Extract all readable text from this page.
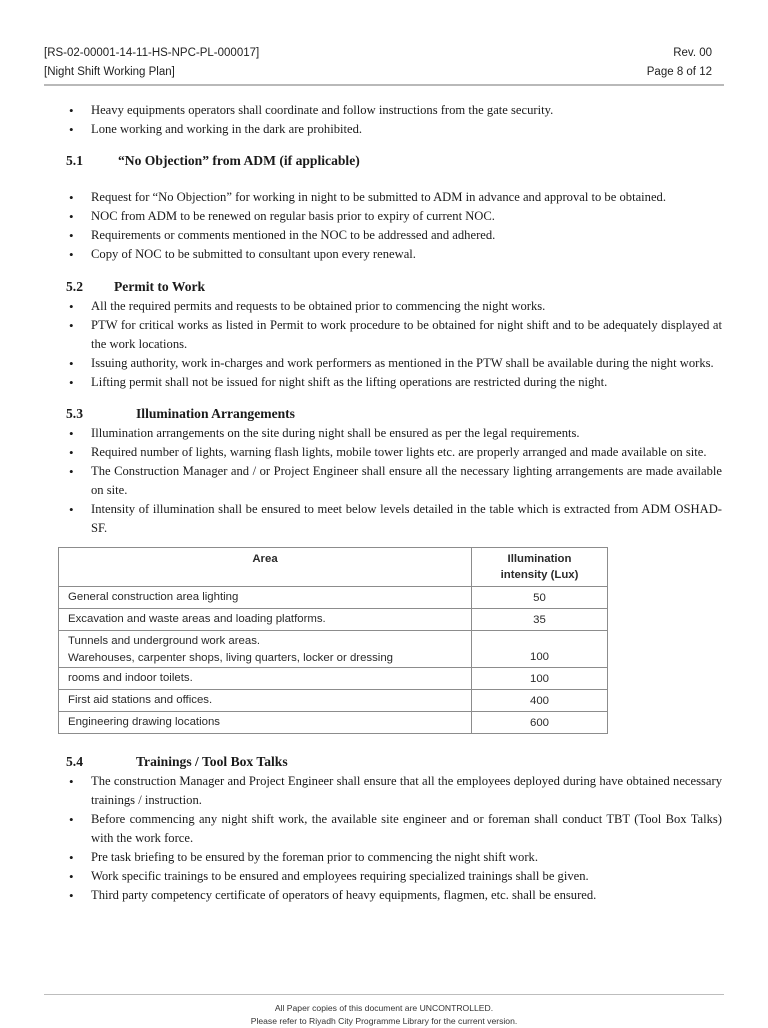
[RS-02-00001-14-11-HS-NPC-PL-000017]
[Night Shift Working Plan]
Rev. 00
Page 8 of 12
• Heavy equipments operators shall coordinate and follow instructions from the gate security.
• Lone working and working in the dark are prohibited.
5.1	“No Objection” from ADM (if applicable)
• Request for “No Objection” for working in night to be submitted to ADM in advance and approval to be obtained.
• NOC from ADM to be renewed on regular basis prior to expiry of current NOC.
• Requirements or comments mentioned in the NOC to be addressed and adhered.
• Copy of NOC to be submitted to consultant upon every renewal.
5.2	Permit to Work
• All the required permits and requests to be obtained prior to commencing the night works.
• PTW for critical works as listed in Permit to work procedure to be obtained for night shift and to be adequately displayed at the work locations.
• Issuing authority, work in-charges and work performers as mentioned in the PTW shall be available during the night works.
• Lifting permit shall not be issued for night shift as the lifting operations are restricted during the night.
5.3	Illumination Arrangements
• Illumination arrangements on the site during night shall be ensured as per the legal requirements.
• Required number of lights, warning flash lights, mobile tower lights etc. are properly arranged and made available on site.
• The Construction Manager and / or Project Engineer shall ensure all the necessary lighting arrangements are made available on site.
• Intensity of illumination shall be ensured to meet below levels detailed in the table which is extracted from ADM OSHAD-SF.
Area	Illumination
intensity (Lux)
General construction area lighting	50
Excavation and waste areas and loading platforms.	35
Tunnels and underground work areas.
Warehouses, carpenter shops, living quarters, locker or dressing	100
rooms and indoor toilets.	100
First aid stations and offices.	400
Engineering drawing locations	600
5.4	Trainings / Tool Box Talks
• The construction Manager and Project Engineer shall ensure that all the employees deployed during have obtained necessary trainings / instruction.
• Before commencing any night shift work, the available site engineer and or foreman shall conduct TBT (Tool Box Talks) with the work force.
• Pre task briefing to be ensured by the foreman prior to commencing the night shift work.
• Work specific trainings to be ensured and employees requiring specialized trainings shall be given.
• Third party competency certificate of operators of heavy equipments, flagmen, etc. shall be ensured.
All Paper copies of this document are UNCONTROLLED.
Please refer to Riyadh City Programme Library for the current version.
